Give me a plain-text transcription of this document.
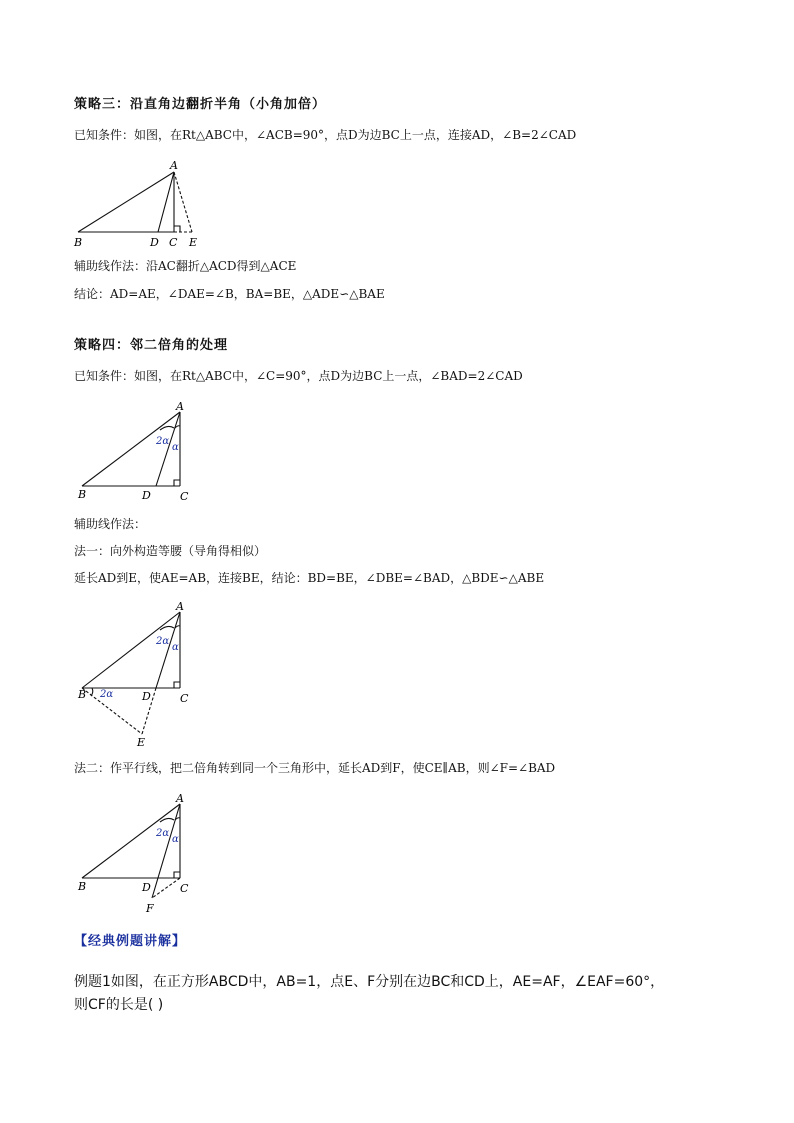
策略三：沿直角边翻折半角（小角加倍）
已知条件：如图，在Rt△ABC中，∠ACB=90°，点D为边BC上一点，连接AD，∠B=2∠CAD
A
B	D C E
辅助线作法：沿AC翻折△ACD得到△ACE
结论：AD=AE，∠DAE=∠B，BA=BE，△ADE∽△BAE
策略四：邻二倍角的处理
已知条件：如图，在Rt△ABC中，∠C=90°，点D为边BC上一点，∠BAD=2∠CAD
A
B	D	C
2α
α
辅助线作法：
法一：向外构造等腰（导角得相似）
延长AD到E，使AE=AB，连接BE，结论：BD=BE，∠DBE=∠BAD，△BDE∽△ABE
A
B	D	C
E
2α
α
2α
法二：作平行线，把二倍角转到同一个三角形中，延长AD到F，使CE∥AB，则∠F=∠BAD
A
B	D	C
F
2α
α
【经典例题讲解】
例题1如图，在正方形ABCD中，AB=1，点E、F分别在边BC和CD上，AE=AF，∠EAF=60°，
则CF的长是( )
